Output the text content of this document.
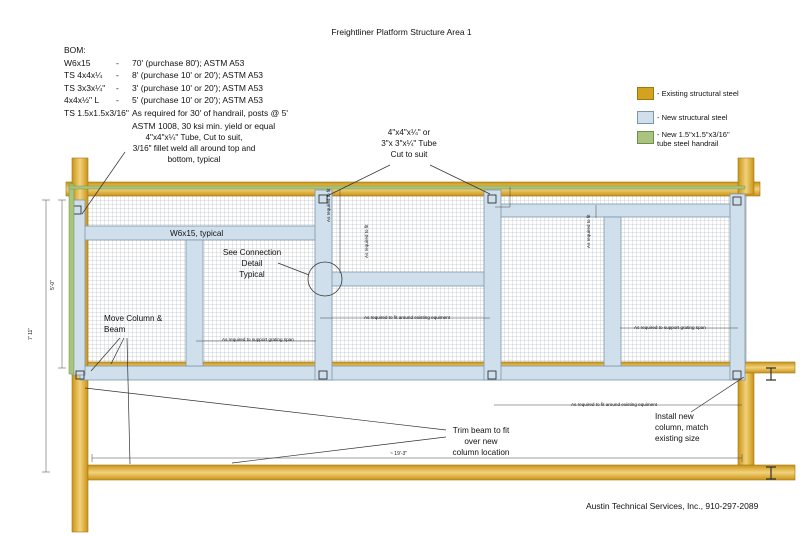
Freightliner Platform Structure Area 1
BOM:
W6x15	- 70' (purchase 80'); ASTM A53
TS 4x4x¼ - 8' (purchase 10' or 20'); ASTM A53
TS 3x3x¼" - 3' (purchase 10' or 20'); ASTM A53
4x4x½" L - 5' (purchase 10' or 20'); ASTM A53
TS 1.5x1.5x3/16" As required for 30' of handrail, posts @ 5'
ASTM 1008, 30 ksi min. yield or equal
- Existing structural steel
- New structural steel
- New 1.5"x1.5"x3/16"
tube steel handrail
4"x4"x¼" Tube, Cut to suit,
3/16" fillet weld all around top and
bottom, typical
4"x4"x¼" or
3"x 3"x¼" Tube
Cut to suit
W6x15, typical
See Connection
Detail
Typical
Move Column &
Beam
Trim beam to fit
over new
column location
Install new
column, match
existing size
7' 11"
5'-0"
~ 19'-3"
As required to fit
As required to fit	As required to fit
As required to fit around existing equiment
As required to fit around existing equiment
As required to support grating span
As required to support grating span
Austin Technical Services, Inc., 910-297-2089
